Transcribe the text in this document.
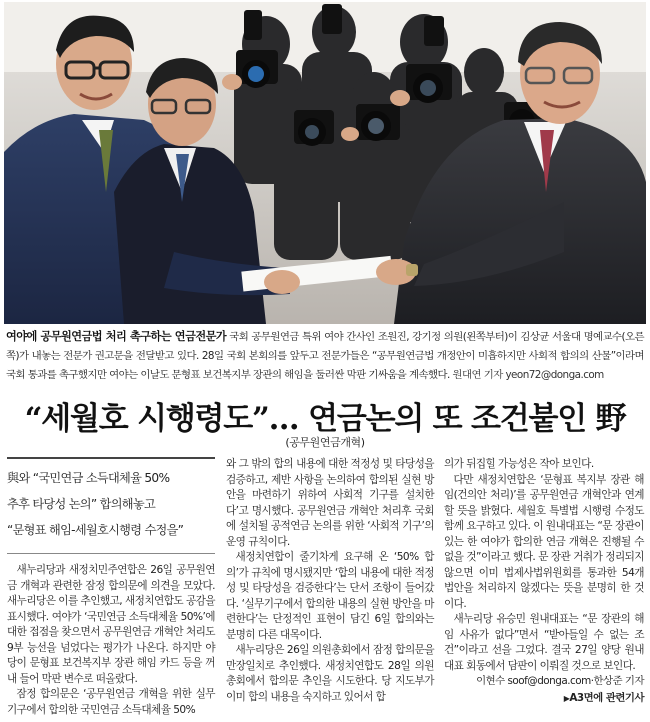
여야에 공무원연금법 처리 촉구하는 연금전문가 국회 공무원연금 특위 여야 간사인 조원진, 강기정 의원(왼쪽부터)이 김상균 서울대 명예교수(오른쪽)가 내놓는 전문가 권고문을 전달받고 있다. 28일 국회 본회의를 앞두고 전문가들은 “공무원연금법 개정안이 미흡하지만 사회적 합의의 산물”이라며 국회 통과를 촉구했지만 여야는 이날도 문형표 보건복지부 장관의 해임을 둘러싼 막판 기싸움을 계속했다. 원대연 기자 yeon72@donga.com
“세월호 시행령도”… 연금논의 또 조건붙인 野
(공무원연금개혁)
與와 “국민연금 소득대체율 50%
추후 타당성 논의” 합의해놓고
“문형표 해임-세월호시행령 수정을”

새누리당과 새정치민주연합은 26일 공무원연금 개혁과 관련한 잠정 합의문에 의견을 모았다. 새누리당은 이를 추인했고, 새정치연합도 공감을 표시했다. 여야가 ‘국민연금 소득대체율 50%’에 대한 접점을 찾으면서 공무원연금 개혁안 처리도 9부 능선을 넘었다는 평가가 나온다. 하지만 야당이 문형표 보건복지부 장관 해임 카드 등을 꺼내 들어 막판 변수로 떠올랐다.

잠정 합의문은 ‘공무원연금 개혁을 위한 실무기구에서 합의한 국민연금 소득대체율 50%

와 그 밖의 합의 내용에 대한 적정성 및 타당성을 검증하고, 제반 사항을 논의하여 합의된 실현 방안을 마련하기 위하여 사회적 기구를 설치한다’고 명시했다. 공무원연금 개혁안 처리후 국회에 설치될 공적연금 논의를 위한 ‘사회적 기구’의 운영 규칙이다.

새정치연합이 줄기차게 요구해 온 ‘50% 합의’가 규칙에 명시됐지만 ‘합의 내용에 대한 적정성 및 타당성을 검증한다’는 단서 조항이 들어갔다. ‘실무기구에서 합의한 내용의 실현 방안을 마련한다’는 단정적인 표현이 담긴 6일 합의와는 분명히 다른 대목이다.

새누리당은 26일 의원총회에서 잠정 합의문을 만장일치로 추인했다. 새정치연합도 28일 의원총회에서 합의문 추인을 시도한다. 당 지도부가 이미 합의 내용을 숙지하고 있어서 합

의가 뒤집힐 가능성은 작아 보인다.

다만 새정치연합은 ‘문형표 복지부 장관 해임(건의안 처리)’를 공무원연금 개혁안과 연계할 뜻을 밝혔다. 세월호 특별법 시행령 수정도 함께 요구하고 있다. 이 원내대표는 “문 장관이 있는 한 여야가 합의한 연금 개혁은 진행될 수 없을 것”이라고 했다. 문 장관 거취가 정리되지 않으면 이미 법제사법위원회를 통과한 54개 법안을 처리하지 않겠다는 뜻을 분명히 한 것이다.

새누리당 유승민 원내대표는 “문 장관의 해임 사유가 없다”면서 “받아들일 수 없는 조건”이라고 선을 그었다. 결국 27일 양당 원내대표 회동에서 담판이 이뤄질 것으로 보인다.

이현수 soof@donga.com·한상준 기자
▶A3면에 관련기사
